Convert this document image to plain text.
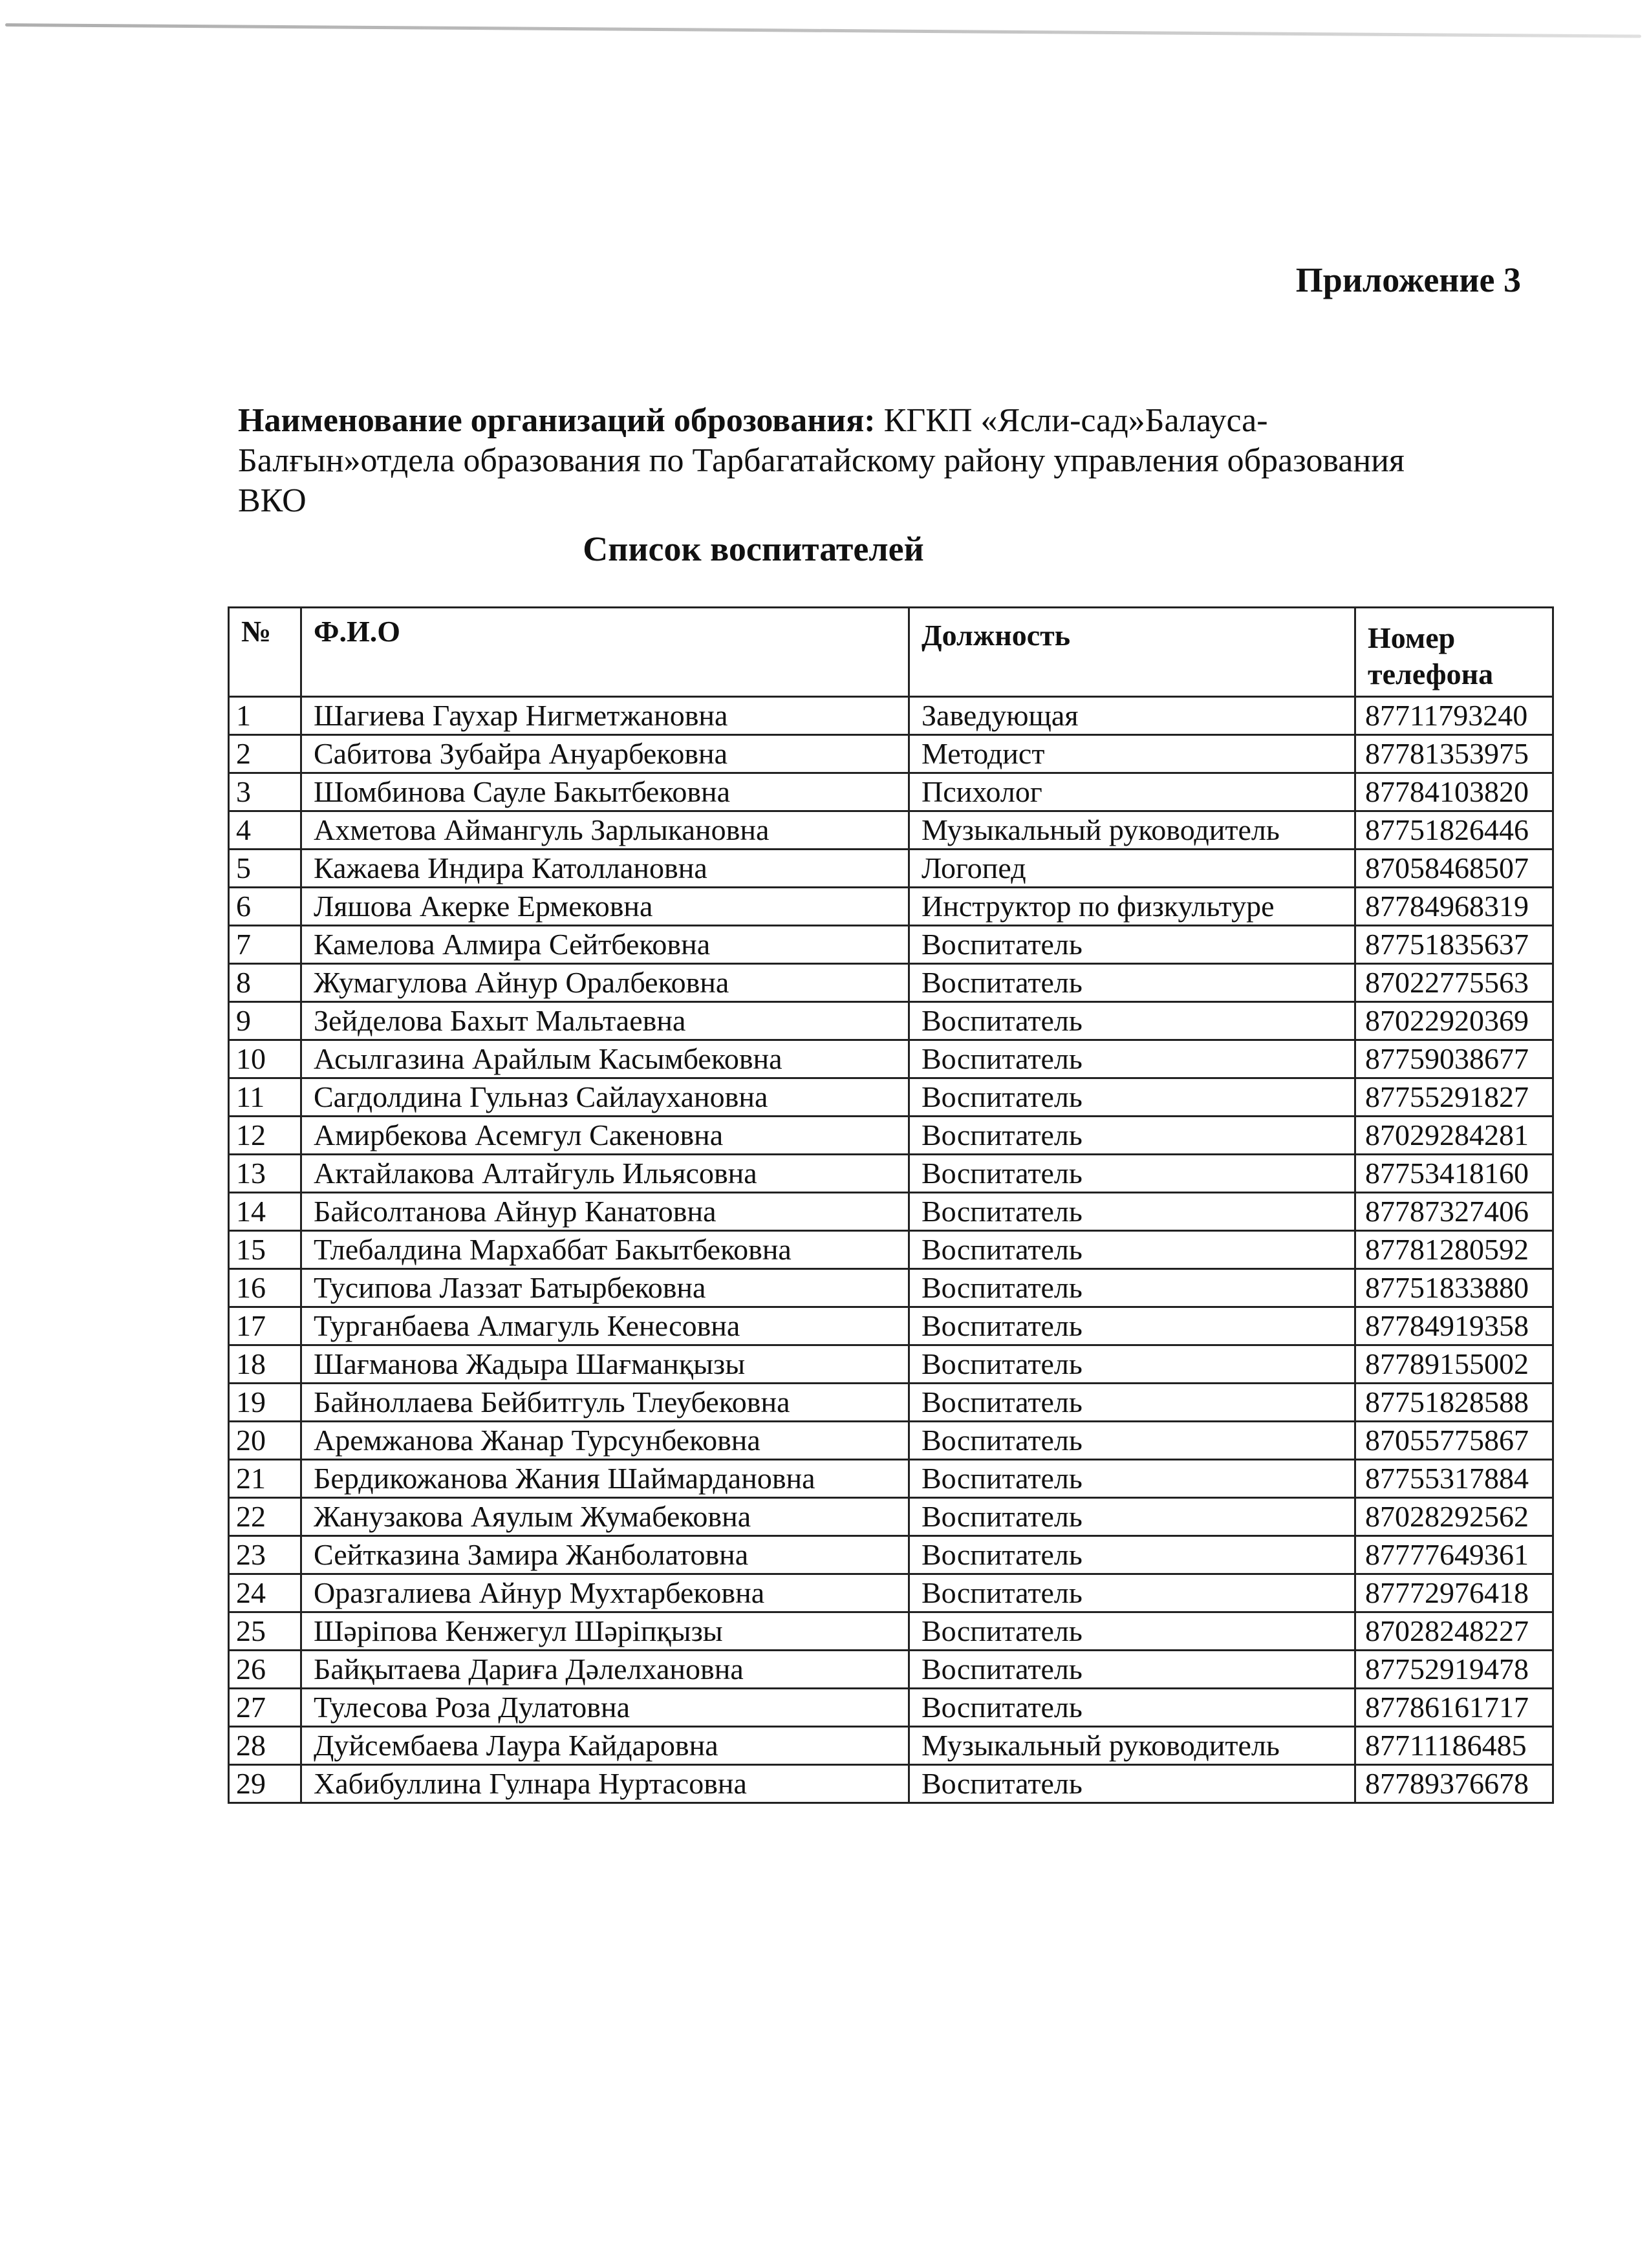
Приложение 3
Наименование организаций оброзования: КГКП «Ясли-сад»Балауса-Балғын»отдела образования по Тарбагатайскому району управления образования ВКО
Список воспитателей
№	Ф.И.О	Должность	Номер
телефона
1	Шагиева Гаухар Нигметжановна	Заведующая	87711793240
2	Сабитова Зубайра Ануарбековна	Методист	87781353975
3	Шомбинова Сауле Бакытбековна	Психолог	87784103820
4	Ахметова Аймангуль Зарлыкановна	Музыкальный руководитель	87751826446
5	Кажаева Индира Католлановна	Логопед	87058468507
6	Ляшова Акерке Ермековна	Инструктор по физкультуре	87784968319
7	Камелова Алмира Сейтбековна	Воспитатель	87751835637
8	Жумагулова Айнур Оралбековна	Воспитатель	87022775563
9	Зейделова Бахыт Мальтаевна	Воспитатель	87022920369
10	Асылгазина Арайлым Касымбековна	Воспитатель	87759038677
11	Сагдолдина Гульназ Сайлаухановна	Воспитатель	87755291827
12	Амирбекова Асемгул Сакеновна	Воспитатель	87029284281
13	Актайлакова Алтайгуль Ильясовна	Воспитатель	87753418160
14	Байсолтанова Айнур Канатовна	Воспитатель	87787327406
15	Тлебалдина Мархаббат Бакытбековна	Воспитатель	87781280592
16	Тусипова Лаззат Батырбековна	Воспитатель	87751833880
17	Турганбаева Алмагуль Кенесовна	Воспитатель	87784919358
18	Шағманова Жадыра Шағманқызы	Воспитатель	87789155002
19	Байноллаева Бейбитгуль Тлеубековна	Воспитатель	87751828588
20	Аремжанова Жанар Турсунбековна	Воспитатель	87055775867
21	Бердикожанова Жания Шаймардановна	Воспитатель	87755317884
22	Жанузакова Аяулым Жумабековна	Воспитатель	87028292562
23	Сейтказина Замира Жанболатовна	Воспитатель	87777649361
24	Оразгалиева Айнур Мухтарбековна	Воспитатель	87772976418
25	Шәріпова Кенжегул Шәріпқызы	Воспитатель	87028248227
26	Байқытаева Дариға Дәлелхановна	Воспитатель	87752919478
27	Тулесова Роза Дулатовна	Воспитатель	87786161717
28	Дуйсембаева Лаура Кайдаровна	Музыкальный руководитель	87711186485
29	Хабибуллина Гулнара Нуртасовна	Воспитатель	87789376678
